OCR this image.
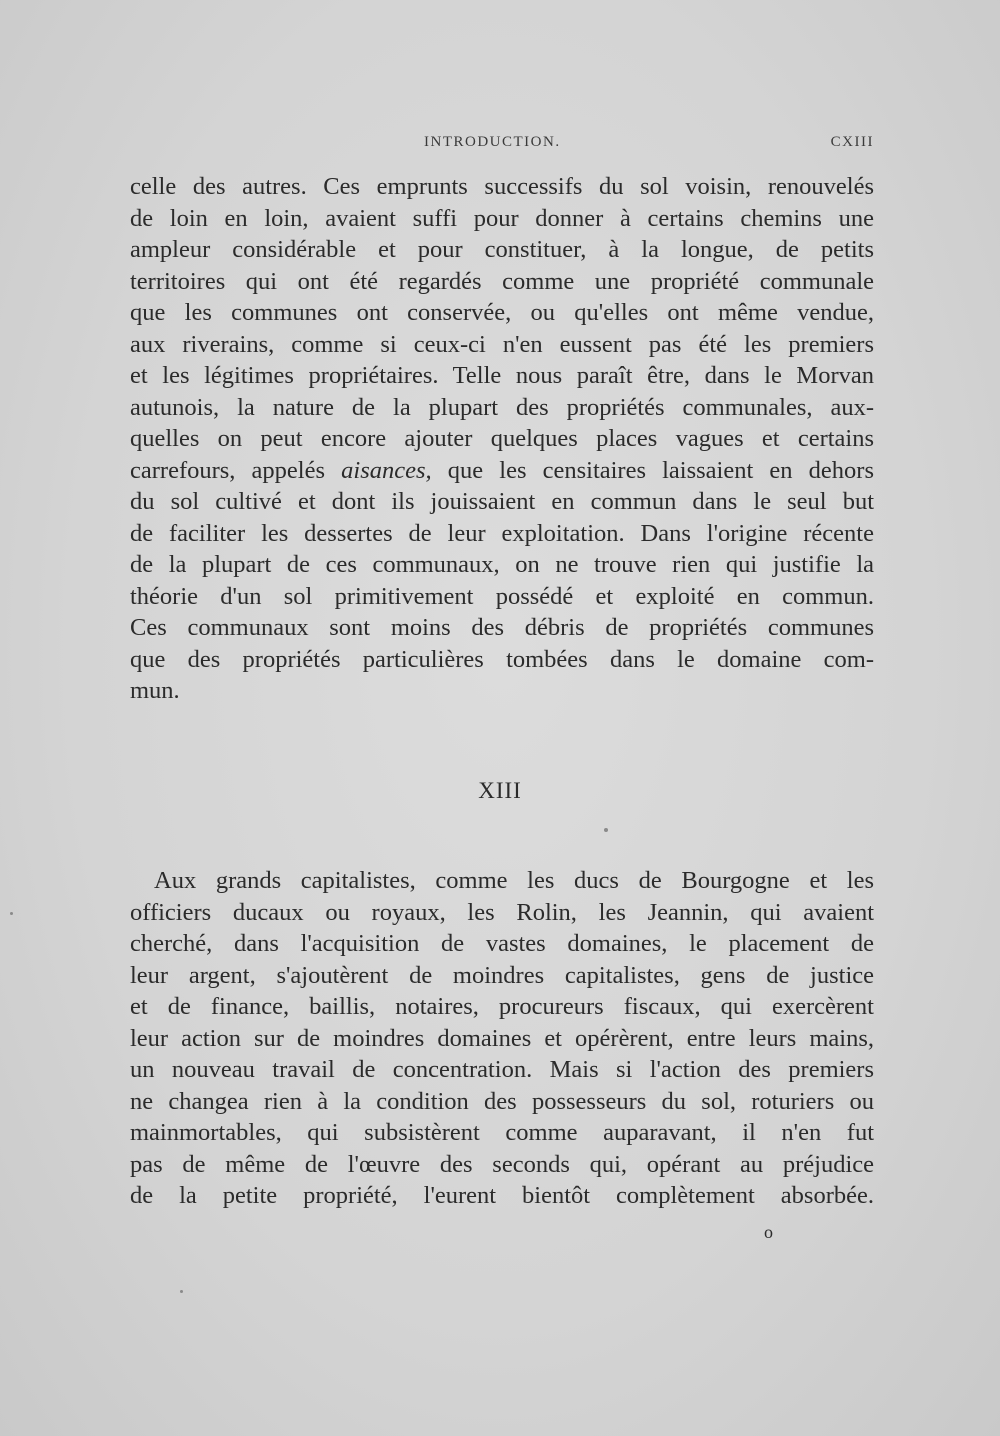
INTRODUCTION.	CXIII
celle des autres. Ces emprunts successifs du sol voisin, renouvelés
de loin en loin, avaient suffi pour donner à certains chemins une
ampleur considérable et pour constituer, à la longue, de petits
territoires qui ont été regardés comme une propriété communale
que les communes ont conservée, ou qu'elles ont même vendue,
aux riverains, comme si ceux-ci n'en eussent pas été les premiers
et les légitimes propriétaires. Telle nous paraît être, dans le Morvan
autunois, la nature de la plupart des propriétés communales, aux-
quelles on peut encore ajouter quelques places vagues et certains
carrefours, appelés aisances, que les censitaires laissaient en dehors
du sol cultivé et dont ils jouissaient en commun dans le seul but
de faciliter les dessertes de leur exploitation. Dans l'origine récente
de la plupart de ces communaux, on ne trouve rien qui justifie la
théorie d'un sol primitivement possédé et exploité en commun.
Ces communaux sont moins des débris de propriétés communes
que des propriétés particulières tombées dans le domaine com-
mun.
XIII
Aux grands capitalistes, comme les ducs de Bourgogne et les
officiers ducaux ou royaux, les Rolin, les Jeannin, qui avaient
cherché, dans l'acquisition de vastes domaines, le placement de
leur argent, s'ajoutèrent de moindres capitalistes, gens de justice
et de finance, baillis, notaires, procureurs fiscaux, qui exercèrent
leur action sur de moindres domaines et opérèrent, entre leurs mains,
un nouveau travail de concentration. Mais si l'action des premiers
ne changea rien à la condition des possesseurs du sol, roturiers ou
mainmortables, qui subsistèrent comme auparavant, il n'en fut
pas de même de l'œuvre des seconds qui, opérant au préjudice
de la petite propriété, l'eurent bientôt complètement absorbée.
o
